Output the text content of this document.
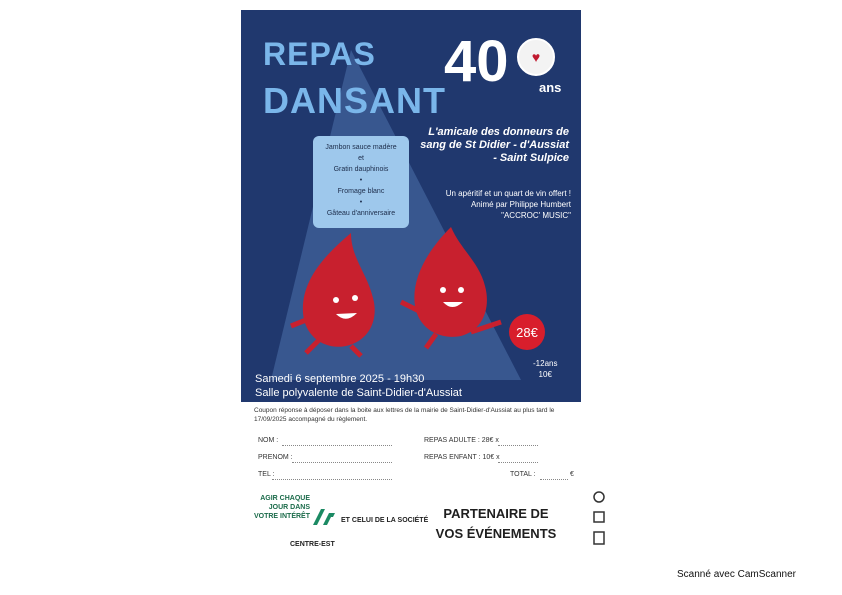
REPAS
DANSANT
40	♥
ans
L'amicale des donneurs de sang de St Didier - d'Aussiat - Saint Sulpice
Un apéritif et un quart de vin offert !
Animé par Philippe Humbert
"ACCROC' MUSIC"
Jambon sauce madère
et
Gratin dauphinois
•
Fromage blanc
•
Gâteau d'anniversaire
28€
-12ans
10€
Samedi 6 septembre 2025 - 19h30
Salle polyvalente de Saint-Didier-d'Aussiat
Coupon réponse à déposer dans la boite aux lettres de la mairie de Saint-Didier-d'Aussiat au plus tard le 17/09/2025 accompagné du règlement.
NOM :
PRENOM :
TEL :
REPAS ADULTE : 28€ x
REPAS ENFANT : 10€ x
TOTAL :	€
AGIR CHAQUE JOUR DANS VOTRE INTÉRÊT
ET CELUI DE LA SOCIÉTÉ
CENTRE-EST
PARTENAIRE DE
VOS ÉVÉNEMENTS
Scanné avec CamScanner
